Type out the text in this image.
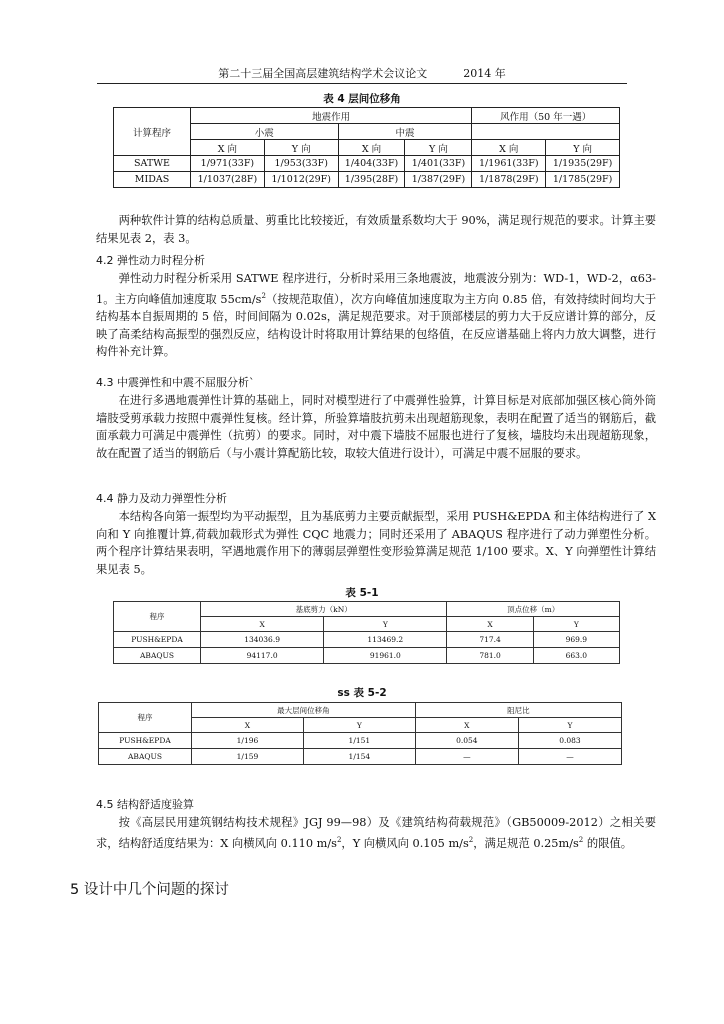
第二十三届全国高层建筑结构学术会议论文	2014 年
表 4 层间位移角
计算程序	地震作用				风作用（50 年一遇）	
	小震		中震			
	X 向	Y 向	X 向	Y 向	X 向	Y 向
SATWE	1/971(33F)	1/953(33F)	1/404(33F)	1/401(33F)	1/1961(33F)	1/1935(29F)
MIDAS	1/1037(28F)	1/1012(29F)	1/395(28F)	1/387(29F)	1/1878(29F)	1/1785(29F)
两种软件计算的结构总质量、剪重比比较接近，有效质量系数均大于 90%，满足现行规范的要求。计算主要结果见表 2，表 3。
4.2 弹性动力时程分析
弹性动力时程分析采用 SATWE 程序进行，分析时采用三条地震波，地震波分别为：WD-1，WD-2，α63-1。主方向峰值加速度取 $55cm/s^2$（按规范取值），次方向峰值加速度取为主方向 0.85 倍，有效持续时间均大于结构基本自振周期的 5 倍，时间间隔为 0.02s，满足规范要求。对于顶部楼层的剪力大于反应谱计算的部分，反映了高柔结构高振型的强烈反应，结构设计时将取用计算结果的包络值，在反应谱基础上将内力放大调整，进行构件补充计算。
4.3 中震弹性和中震不屈服分析`
在进行多遇地震弹性计算的基础上，同时对模型进行了中震弹性验算，计算目标是对底部加强区核心筒外筒墙肢受剪承载力按照中震弹性复核。经计算，所验算墙肢抗剪未出现超筋现象，表明在配置了适当的钢筋后，截面承载力可满足中震弹性（抗剪）的要求。同时，对中震下墙肢不屈服也进行了复核，墙肢均未出现超筋现象，故在配置了适当的钢筋后（与小震计算配筋比较，取较大值进行设计），可满足中震不屈服的要求。
4.4 静力及动力弹塑性分析
本结构各向第一振型均为平动振型，且为基底剪力主要贡献振型，采用 PUSH&EPDA 和主体结构进行了 X 向和 Y 向推覆计算,荷载加载形式为弹性 CQC 地震力；同时还采用了 ABAQUS 程序进行了动力弹塑性分析。两个程序计算结果表明，罕遇地震作用下的薄弱层弹塑性变形验算满足规范 1/100 要求。X、Y 向弹塑性计算结果见表 5。
表 5-1
程序	基底剪力（kN）		顶点位移（m）	
	X	Y	X	Y
PUSH&EPDA	134036.9	113469.2	717.4	969.9
ABAQUS	94117.0	91961.0	781.0	663.0
ss 表 5-2
程序	最大层间位移角		阻尼比	
	X	Y	X	Y
PUSH&EPDA	1/196	1/151	0.054	0.083
ABAQUS	1/159	1/154	—	—
4.5 结构舒适度验算
按《高层民用建筑钢结构技术规程》JGJ 99—98）及《建筑结构荷载规范》（GB50009-2012）之相关要求，结构舒适度结果为：X 向横风向 0.110 $m/s^2$，Y 向横风向 0.105 $m/s^2$，满足规范 $0.25m/s^2$ 的限值。
5 设计中几个问题的探讨
